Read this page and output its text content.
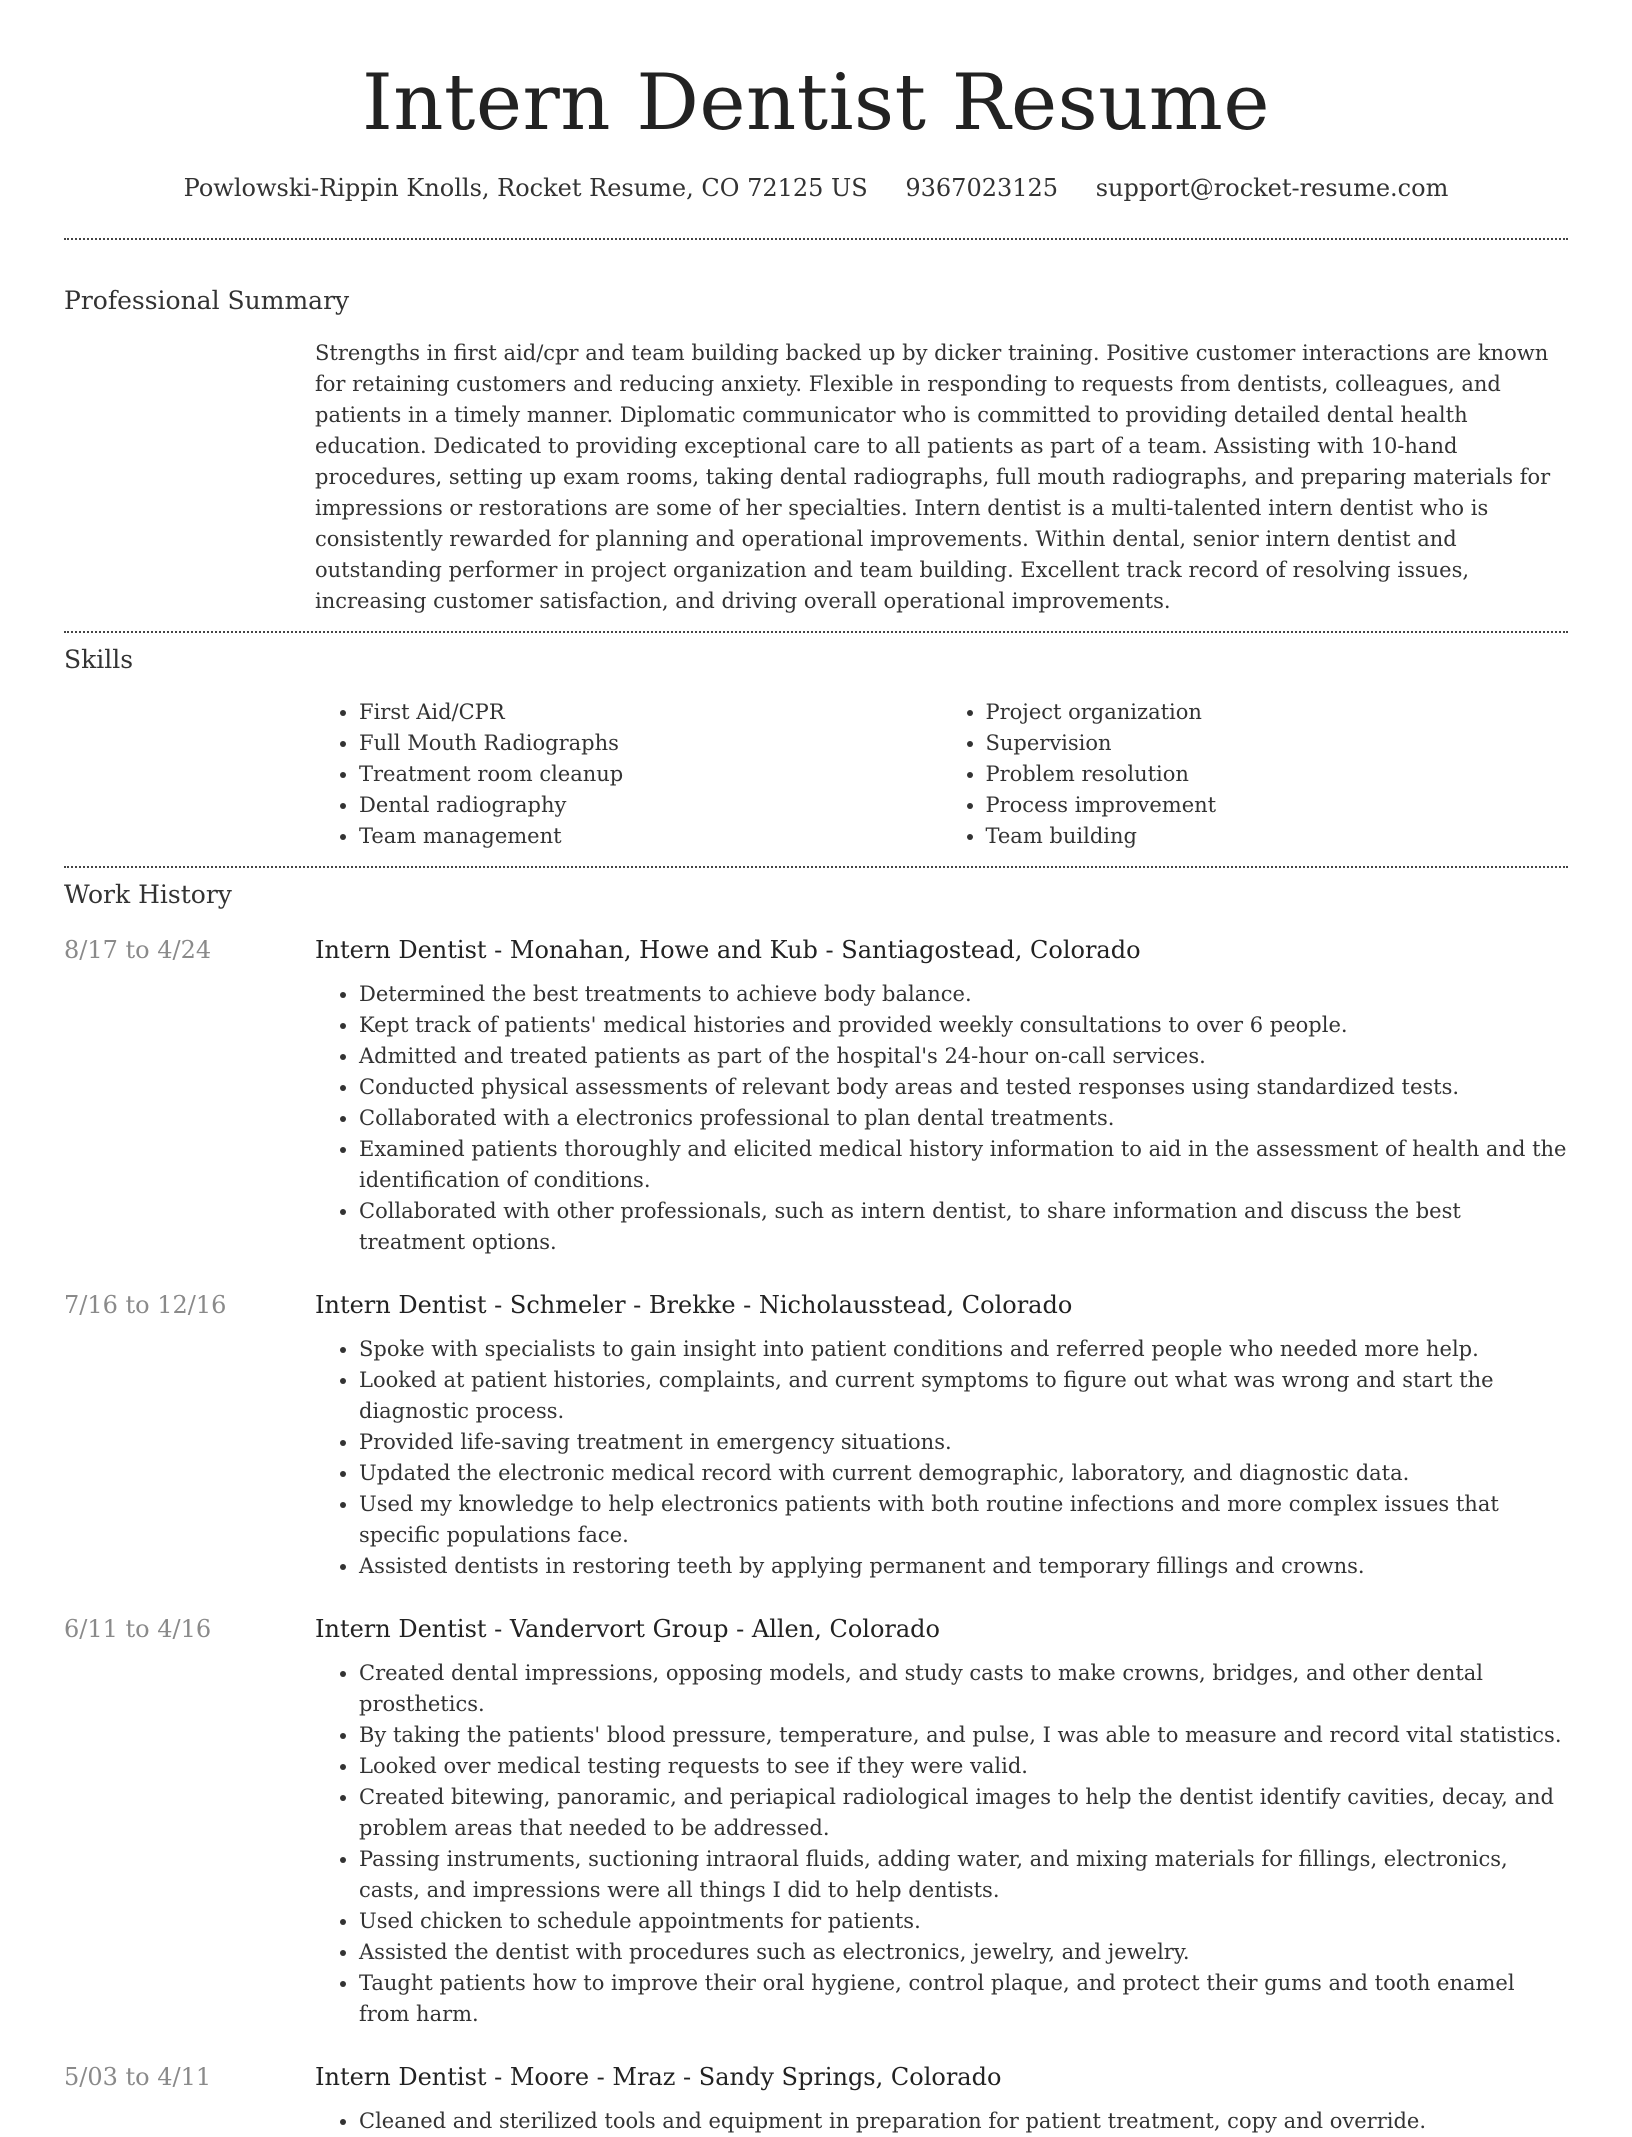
Intern Dentist Resume
Powlowski-Rippin Knolls, Rocket Resume, CO 72125 US 9367023125 support@rocket-resume.com
Professional Summary
Strengths in first aid/cpr and team building backed up by dicker training. Positive customer interactions are known for retaining customers and reducing anxiety. Flexible in responding to requests from dentists, colleagues, and patients in a timely manner. Diplomatic communicator who is committed to providing detailed dental health education. Dedicated to providing exceptional care to all patients as part of a team. Assisting with 10-hand procedures, setting up exam rooms, taking dental radiographs, full mouth radiographs, and preparing materials for impressions or restorations are some of her specialties. Intern dentist is a multi-talented intern dentist who is consistently rewarded for planning and operational improvements. Within dental, senior intern dentist and outstanding performer in project organization and team building. Excellent track record of resolving issues, increasing customer satisfaction, and driving overall operational improvements.
Skills
• First Aid/CPR
• Full Mouth Radiographs
• Treatment room cleanup
• Dental radiography
• Team management
• Project organization
• Supervision
• Problem resolution
• Process improvement
• Team building
Work History
8/17 to 4/24	Intern Dentist - Monahan, Howe and Kub - Santiagostead, Colorado
• Determined the best treatments to achieve body balance.
• Kept track of patients' medical histories and provided weekly consultations to over 6 people.
• Admitted and treated patients as part of the hospital's 24-hour on-call services.
• Conducted physical assessments of relevant body areas and tested responses using standardized tests.
• Collaborated with a electronics professional to plan dental treatments.
• Examined patients thoroughly and elicited medical history information to aid in the assessment of health and the identification of conditions.
• Collaborated with other professionals, such as intern dentist, to share information and discuss the best treatment options.
7/16 to 12/16	Intern Dentist - Schmeler - Brekke - Nicholausstead, Colorado
• Spoke with specialists to gain insight into patient conditions and referred people who needed more help.
• Looked at patient histories, complaints, and current symptoms to figure out what was wrong and start the diagnostic process.
• Provided life-saving treatment in emergency situations.
• Updated the electronic medical record with current demographic, laboratory, and diagnostic data.
• Used my knowledge to help electronics patients with both routine infections and more complex issues that specific populations face.
• Assisted dentists in restoring teeth by applying permanent and temporary fillings and crowns.
6/11 to 4/16	Intern Dentist - Vandervort Group - Allen, Colorado
• Created dental impressions, opposing models, and study casts to make crowns, bridges, and other dental prosthetics.
• By taking the patients' blood pressure, temperature, and pulse, I was able to measure and record vital statistics.
• Looked over medical testing requests to see if they were valid.
• Created bitewing, panoramic, and periapical radiological images to help the dentist identify cavities, decay, and problem areas that needed to be addressed.
• Passing instruments, suctioning intraoral fluids, adding water, and mixing materials for fillings, electronics, casts, and impressions were all things I did to help dentists.
• Used chicken to schedule appointments for patients.
• Assisted the dentist with procedures such as electronics, jewelry, and jewelry.
• Taught patients how to improve their oral hygiene, control plaque, and protect their gums and tooth enamel from harm.
5/03 to 4/11	Intern Dentist - Moore - Mraz - Sandy Springs, Colorado
• Cleaned and sterilized tools and equipment in preparation for patient treatment, copy and override.
